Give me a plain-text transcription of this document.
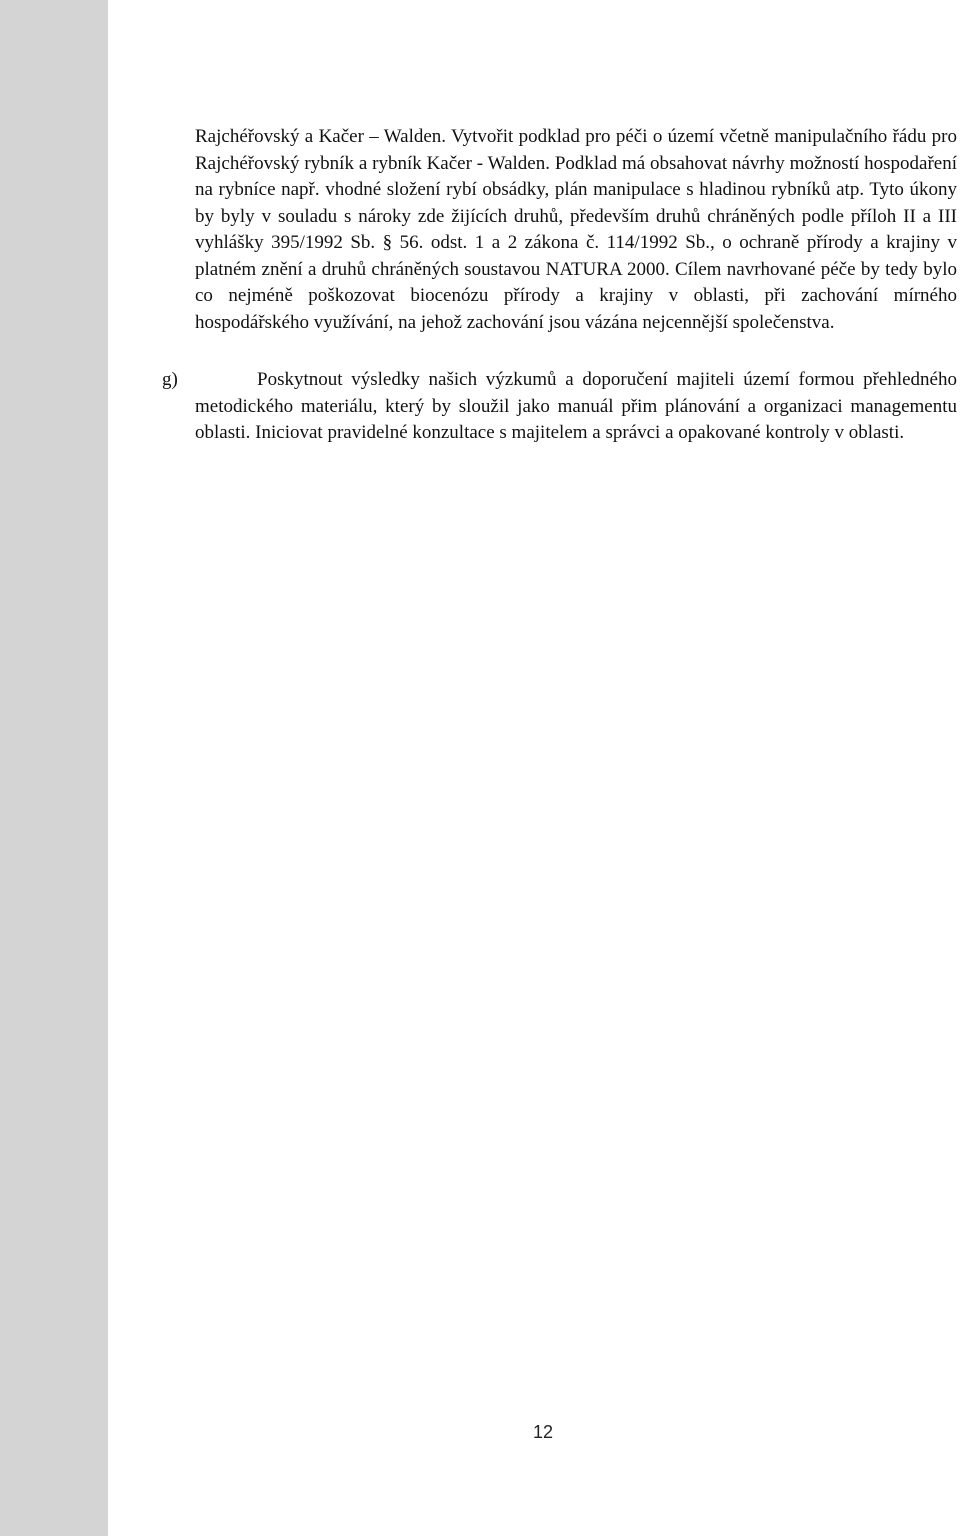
Rajchéřovský a Kačer – Walden. Vytvořit podklad pro péči o území včetně manipulačního řádu pro Rajchéřovský rybník a rybník Kačer - Walden. Podklad má obsahovat návrhy možností hospodaření na rybníce např. vhodné složení rybí obsádky, plán manipulace s hladinou rybníků atp. Tyto úkony by byly v souladu s nároky zde žijících druhů, především druhů chráněných podle příloh II a III vyhlášky 395/1992 Sb. § 56. odst. 1 a 2 zákona č. 114/1992 Sb., o ochraně přírody a krajiny v platném znění a druhů chráněných soustavou NATURA 2000. Cílem navrhované péče by tedy bylo co nejméně poškozovat biocenózu přírody a krajiny v oblasti, při zachování mírného hospodářského využívání, na jehož zachování jsou vázána nejcennější společenstva.

g)	Poskytnout výsledky našich výzkumů a doporučení majiteli území formou přehledného metodického materiálu, který by sloužil jako manuál přim plánování a organizaci managementu oblasti. Iniciovat pravidelné konzultace s majitelem a správci a opakované kontroly v oblasti.

12
